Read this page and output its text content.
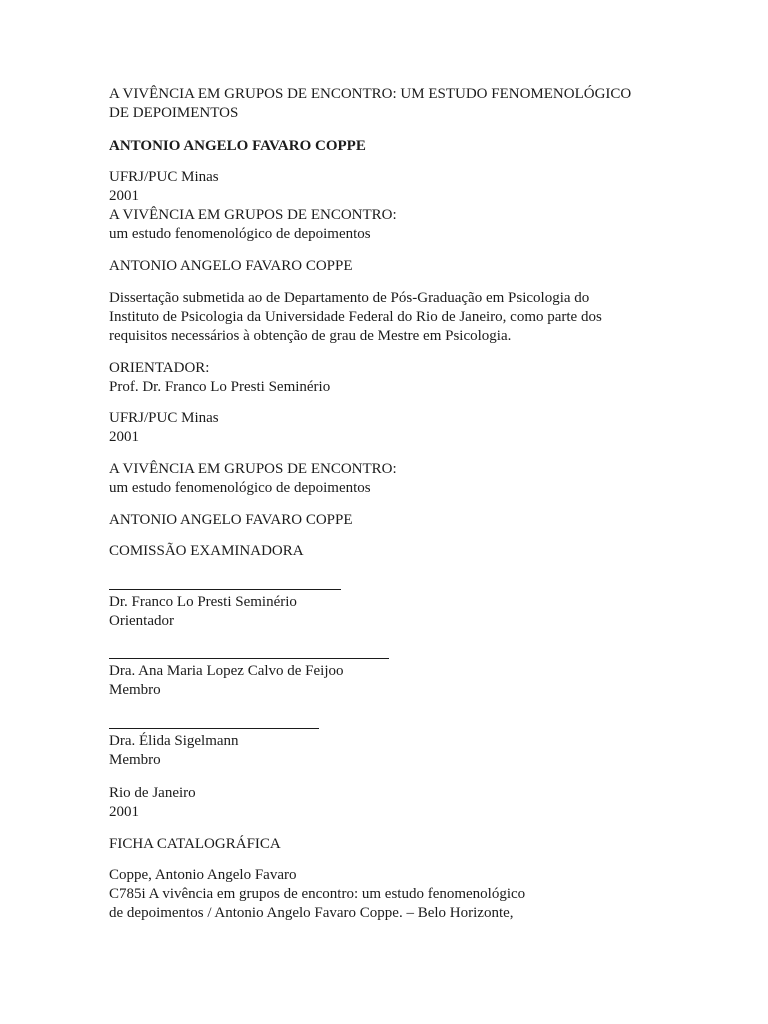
A VIVÊNCIA EM GRUPOS DE ENCONTRO: UM ESTUDO FENOMENOLÓGICO
DE DEPOIMENTOS
ANTONIO ANGELO FAVARO COPPE
UFRJ/PUC Minas
2001
A VIVÊNCIA EM GRUPOS DE ENCONTRO:
um estudo fenomenológico de depoimentos
ANTONIO ANGELO FAVARO COPPE
Dissertação submetida ao de Departamento de Pós-Graduação em Psicologia do
Instituto de Psicologia da Universidade Federal do Rio de Janeiro, como parte dos
requisitos necessários à obtenção de grau de Mestre em Psicologia.
ORIENTADOR:
Prof. Dr. Franco Lo Presti Seminério
UFRJ/PUC Minas
2001
A VIVÊNCIA EM GRUPOS DE ENCONTRO:
um estudo fenomenológico de depoimentos
ANTONIO ANGELO FAVARO COPPE
COMISSÃO EXAMINADORA
Dr. Franco Lo Presti Seminério
Orientador
Dra. Ana Maria Lopez Calvo de Feijoo
Membro
Dra. Élida Sigelmann
Membro
Rio de Janeiro
2001
FICHA CATALOGRÁFICA
Coppe, Antonio Angelo Favaro
C785i A vivência em grupos de encontro: um estudo fenomenológico
de depoimentos / Antonio Angelo Favaro Coppe. – Belo Horizonte,
